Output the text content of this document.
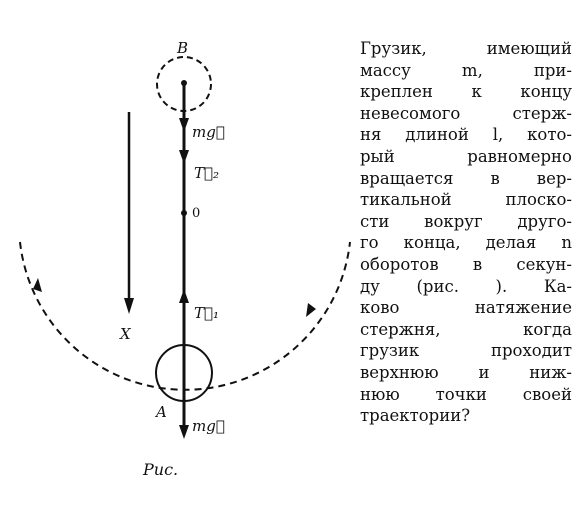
B
mg⃗
T⃗₂
0
T⃗₁
X
A
mg⃗
Рис.
Грузик, имеющий
массу m, при-
креплен к концу
невесомого стерж-
ня длиной l, кото-
рый равномерно
вращается в вер-
тикальной плоско-
сти вокруг друго-
го конца, делая n
оборотов в секун-
ду (рис. ). Ка-
ково натяжение
стержня, когда
грузик проходит
верхнюю и ниж-
нюю точки своей
траектории?
